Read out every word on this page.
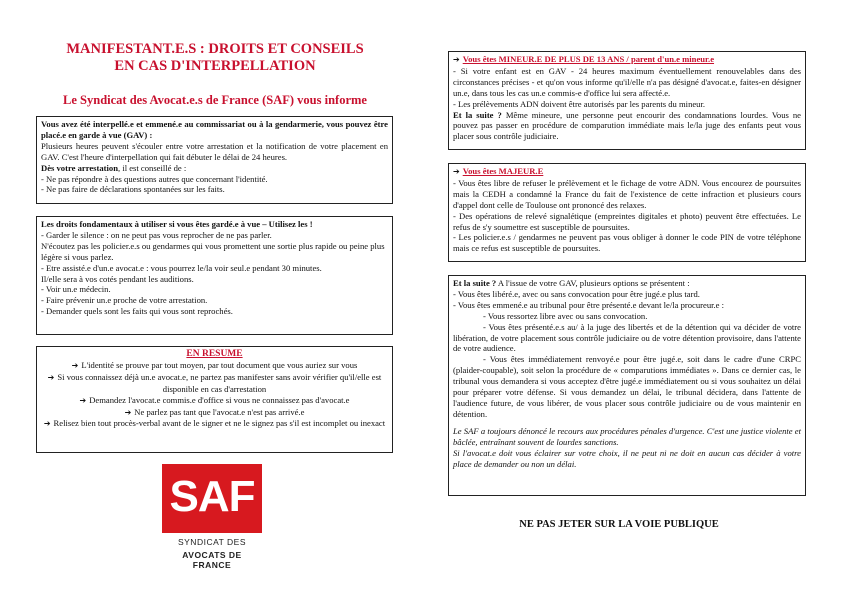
MANIFESTANT.E.S : DROITS ET CONSEILS
EN CAS D'INTERPELLATION
Le Syndicat des Avocat.e.s de France (SAF) vous informe
Vous avez été interpellé.e et emmené.e au commissariat ou à la gendarmerie, vous pouvez être placé.e en garde à vue (GAV) :
Plusieurs heures peuvent s'écouler entre votre arrestation et la notification de votre placement en GAV. C'est l'heure d'interpellation qui fait débuter le délai de 24 heures.
Dès votre arrestation, il est conseillé de :
- Ne pas répondre à des questions autres que concernant l'identité.
- Ne pas faire de déclarations spontanées sur les faits.
Les droits fondamentaux à utiliser si vous êtes gardé.e à vue – Utilisez les !
- Garder le silence : on ne peut pas vous reprocher de ne pas parler.
N'écoutez pas les policier.e.s ou gendarmes qui vous promettent une sortie plus rapide ou peine plus légère si vous parlez.
- Etre assisté.e d'un.e avocat.e : vous pourrez le/la voir seul.e pendant 30 minutes.
Il/elle sera à vos cotés pendant les auditions.
- Voir un.e médecin.
- Faire prévenir un.e proche de votre arrestation.
- Demander quels sont les faits qui vous sont reprochés.
EN RESUME
➔ L'identité se prouve par tout moyen, par tout document que vous auriez sur vous
➔ Si vous connaissez déjà un.e avocat.e, ne partez pas manifester sans avoir vérifier qu'il/elle est disponible en cas d'arrestation
➔ Demandez l'avocat.e commis.e d'office si vous ne connaissez pas d'avocat.e
➔ Ne parlez pas tant que l'avocat.e n'est pas arrivé.e
➔ Relisez bien tout procès-verbal avant de le signer et ne le signez pas s'il est incomplet ou inexact
SAF
SYNDICAT DES
AVOCATS DE FRANCE
➔ Vous êtes MINEUR.E DE PLUS DE 13 ANS / parent d'un.e mineur.e
- Si votre enfant est en GAV - 24 heures maximum éventuellement renouvelables dans des circonstances précises - et qu'on vous informe qu'il/elle n'a pas désigné d'avocat.e, faites-en désigner un.e, dans tous les cas un.e commis-e d'office lui sera affecté.e.
- Les prélèvements ADN doivent être autorisés par les parents du mineur.
Et la suite ? Même mineure, une personne peut encourir des condamnations lourdes. Vous ne pouvez pas passer en procédure de comparution immédiate mais le/la juge des enfants peut vous placer sous contrôle judiciaire.
➔ Vous êtes MAJEUR.E
- Vous êtes libre de refuser le prélèvement et le fichage de votre ADN. Vous encourez de poursuites mais la CEDH a condamné la France du fait de l'existence de cette infraction et plusieurs cours d'appel dont celle de Toulouse ont prononcé des relaxes.
- Des opérations de relevé signalétique (empreintes digitales et photo) peuvent être effectuées. Le refus de s'y soumettre est susceptible de poursuites.
- Les policier.e.s / gendarmes ne peuvent pas vous obliger à donner le code PIN de votre téléphone mais ce refus est susceptible de poursuites.
Et la suite ? A l'issue de votre GAV, plusieurs options se présentent :
- Vous êtes libéré.e, avec ou sans convocation pour être jugé.e plus tard.
- Vous êtes emmené.e au tribunal pour être présenté.e devant le/la procureur.e :
- Vous ressortez libre avec ou sans convocation.
- Vous êtes présenté.e.s au/ à la juge des libertés et de la détention qui va décider de votre libération, de votre placement sous contrôle judiciaire ou de votre détention provisoire, dans l'attente de votre audience.
- Vous êtes immédiatement renvoyé.e pour être jugé.e, soit dans le cadre d'une CRPC (plaider-coupable), soit selon la procédure de « comparutions immédiates ». Dans ce dernier cas, le tribunal vous demandera si vous acceptez d'être jugé.e immédiatement ou si vous souhaitez un délai pour préparer votre défense. Si vous demandez un délai, le tribunal décidera, dans l'attente de l'audience future, de vous libérer, de vous placer sous contrôle judiciaire ou de vous maintenir en détention.
Le SAF a toujours dénoncé le recours aux procédures pénales d'urgence. C'est une justice violente et bâclée, entraînant souvent de lourdes sanctions.
Si l'avocat.e doit vous éclairer sur votre choix, il ne peut ni ne doit en aucun cas décider à votre place de demander ou non un délai.
NE PAS JETER SUR LA VOIE PUBLIQUE
